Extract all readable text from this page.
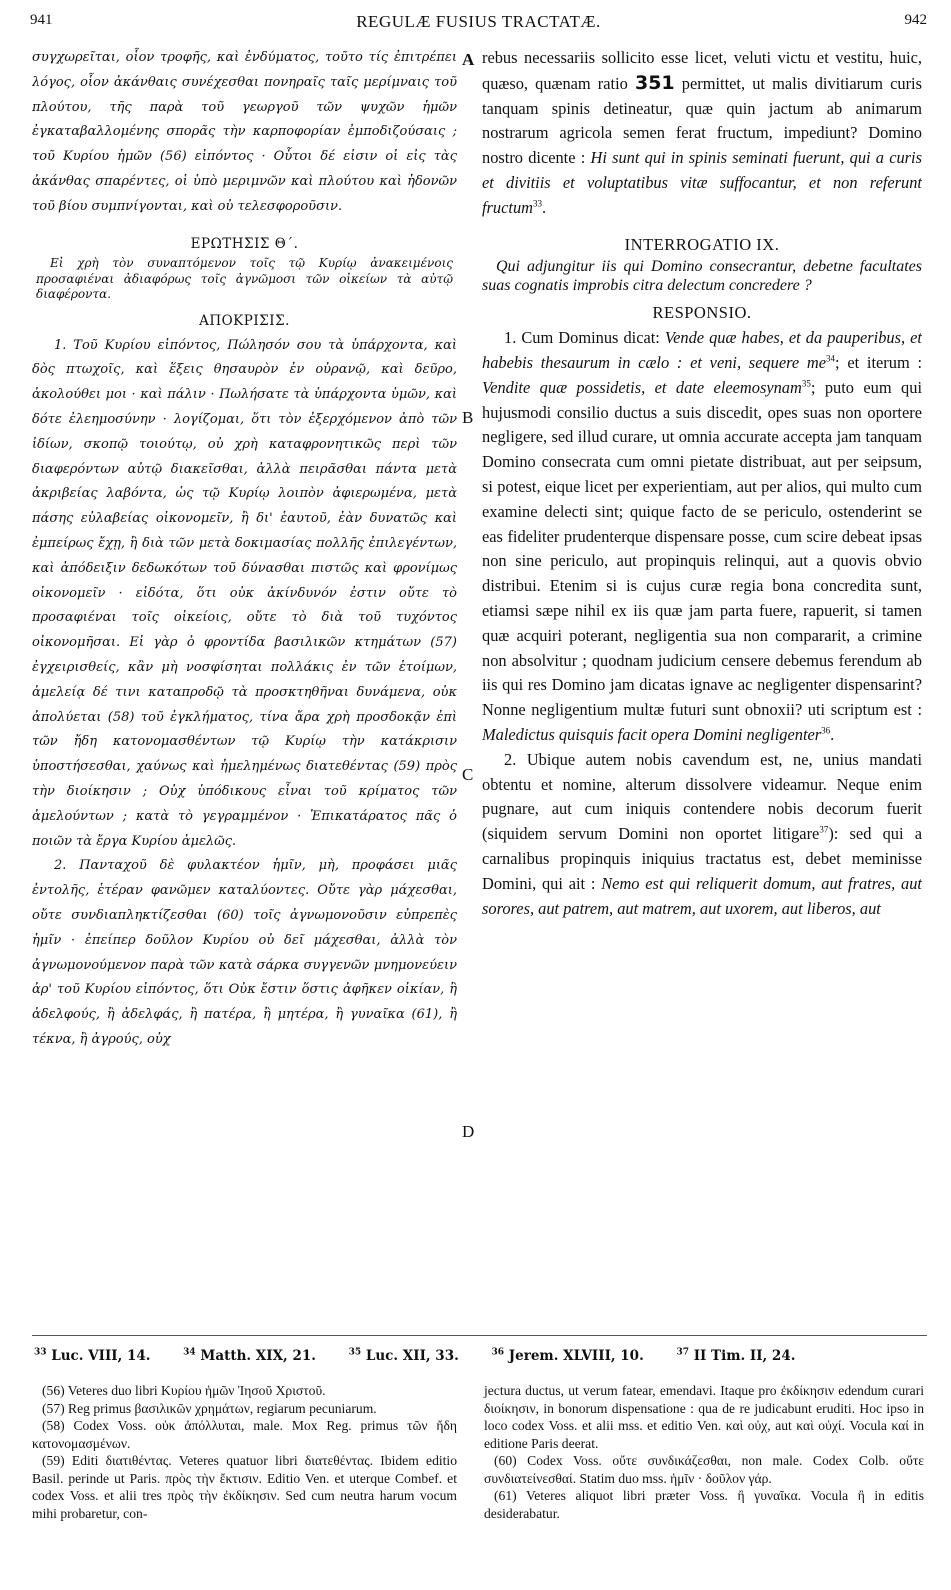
941	REGULÆ FUSIUS TRACTATÆ.	942

συγχωρεῖται, οἷον τροφῆς, καὶ ἐνδύματος, τοῦτο τίς ἐπιτρέπει λόγος, οἷον ἀκάνθαις συνέχεσθαι πονηραῖς ταῖς μερίμναις τοῦ πλούτου, τῆς παρὰ τοῦ γεωργοῦ τῶν ψυχῶν ἡμῶν ἐγκαταβαλλομένης σπορᾶς τὴν καρποφορίαν ἐμποδιζούσαις ; τοῦ Κυρίου ἡμῶν (56) εἰπόντος · Οὗτοι δέ εἰσιν οἱ εἰς τὰς ἀκάνθας σπαρέντες, οἱ ὑπὸ μεριμνῶν καὶ πλούτου καὶ ἡδονῶν τοῦ βίου συμπνίγονται, καὶ οὐ τελεσφοροῦσιν.

ΕΡΩΤΗΣΙΣ Θ΄.

Εἰ χρὴ τὸν συναπτόμενον τοῖς τῷ Κυρίῳ ἀνακειμένοις προσαφιέναι ἀδιαφόρως τοῖς ἀγνῶμοσι τῶν οἰκείων τὰ αὐτῷ διαφέροντα.

ΑΠΟΚΡΙΣΙΣ.

1. Τοῦ Κυρίου εἰπόντος, Πώλησόν σου τὰ ὑπάρχοντα, καὶ δὸς πτωχοῖς, καὶ ἕξεις θησαυρὸν ἐν οὐρανῷ, καὶ δεῦρο, ἀκολούθει μοι · καὶ πάλιν · Πωλήσατε τὰ ὑπάρχοντα ὑμῶν, καὶ δότε ἐλεημοσύνην · λογίζομαι, ὅτι τὸν ἐξερχόμενον ἀπὸ τῶν ἰδίων, σκοπῷ τοιούτῳ, οὐ χρὴ καταφρονητικῶς περὶ τῶν διαφερόντων αὐτῷ διακεῖσθαι, ἀλλὰ πειρᾶσθαι πάντα μετὰ ἀκριβείας λαβόντα, ὡς τῷ Κυρίῳ λοιπὸν ἀφιερωμένα, μετὰ πάσης εὐλαβείας οἰκονομεῖν, ἢ δι' ἑαυτοῦ, ἐὰν δυνατῶς καὶ ἐμπείρως ἔχῃ, ἢ διὰ τῶν μετὰ δοκιμασίας πολλῆς ἐπιλεγέντων, καὶ ἀπόδειξιν δεδωκότων τοῦ δύνασθαι πιστῶς καὶ φρονίμως οἰκονομεῖν · εἰδότα, ὅτι οὐκ ἀκίνδυνόν ἐστιν οὔτε τὸ προσαφιέναι τοῖς οἰκείοις, οὔτε τὸ διὰ τοῦ τυχόντος οἰκονομῆσαι. Εἰ γὰρ ὁ φροντίδα βασιλικῶν κτημάτων (57) ἐγχειρισθείς, κἂν μὴ νοσφίσηται πολλάκις ἐν τῶν ἑτοίμων, ἀμελείᾳ δέ τινι καταπροδῷ τὰ προσκτηθῆναι δυνάμενα, οὐκ ἀπολύεται (58) τοῦ ἐγκλήματος, τίνα ἄρα χρὴ προσδοκᾷν ἐπὶ τῶν ἤδη κατονομασθέντων τῷ Κυρίῳ τὴν κατάκρισιν ὑποστήσεσθαι, χαύνως καὶ ἠμελημένως διατεθέντας (59) πρὸς τὴν διοίκησιν ; Οὐχ ὑπόδικους εἶναι τοῦ κρίματος τῶν ἀμελούντων ; κατὰ τὸ γεγραμμένον · Ἐπικατάρατος πᾶς ὁ ποιῶν τὰ ἔργα Κυρίου ἀμελῶς.

2. Πανταχοῦ δὲ φυλακτέον ἡμῖν, μὴ, προφάσει μιᾶς ἐντολῆς, ἑτέραν φανῶμεν καταλύοντες. Οὔτε γὰρ μάχεσθαι, οὔτε συνδιαπληκτίζεσθαι (60) τοῖς ἀγνωμονοῦσιν εὐπρεπὲς ἡμῖν · ἐπείπερ δοῦλον Κυρίου οὐ δεῖ μάχεσθαι, ἀλλὰ τὸν ἀγνωμονούμενον παρὰ τῶν κατὰ σάρκα συγγενῶν μνημονεύειν ἀρ' τοῦ Κυρίου εἰπόντος, ὅτι Οὐκ ἔστιν ὅστις ἀφῆκεν οἰκίαν, ἢ ἀδελφούς, ἢ ἀδελφάς, ἢ πατέρα, ἢ μητέρα, ἢ γυναῖκα (61), ἢ τέκνα, ἢ ἀγρούς, οὐχ

A
B
C
D

rebus necessariis sollicito esse licet, veluti victu et vestitu, huic, quæso, quænam ratio 351 permittet, ut malis divitiarum curis tanquam spinis detineatur, quæ quin jactum ab animarum nostrarum agricola semen ferat fructum, impediunt? Domino nostro dicente : Hi sunt qui in spinis seminati fuerunt, qui a curis et divitiis et voluptatibus vitæ suffocantur, et non referunt fructum$^{33}$.

INTERROGATIO IX.

Qui adjungitur iis qui Domino consecrantur, debetne facultates suas cognatis improbis citra delectum concredere ?

RESPONSIO.

1. Cum Dominus dicat: Vende quæ habes, et da pauperibus, et habebis thesaurum in cælo : et veni, sequere $me^{34}$; et iterum : Vendite quæ possidetis, et date eleemosynam$^{35}$; puto eum qui hujusmodi consilio ductus a suis discedit, opes suas non oportere negligere, sed illud curare, ut omnia accurate accepta jam tanquam Domino consecrata cum omni pietate distribuat, aut per seipsum, si potest, eique licet per experientiam, aut per alios, qui multo cum examine delecti sint; quique facto de se periculo, ostenderint se eas fideliter prudenterque dispensare posse, cum scire debeat ipsas non sine periculo, aut propinquis relinqui, aut a quovis obvio distribui. Etenim si is cujus curæ regia bona concredita sunt, etiamsi sæpe nihil ex iis quæ jam parta fuere, rapuerit, si tamen quæ acquiri poterant, negligentia sua non compararit, a crimine non absolvitur ; quodnam judicium censere debemus ferendum ab iis qui res Domino jam dicatas ignave ac negligenter dispensarint? Nonne negligentium multæ futuri sunt obnoxii? uti scriptum est : Maledictus quisquis facit opera Domini negligenter$^{36}$.

2. Ubique autem nobis cavendum est, ne, unius mandati obtentu et nomine, alterum dissolvere videamur. Neque enim pugnare, aut cum iniquis contendere nobis decorum fuerit (siquidem servum Domini non oportet litigare$^{37}$): sed qui a carnalibus propinquis iniquius tractatus est, debet meminisse Domini, qui ait : Nemo est qui reliquerit domum, aut fratres, aut sorores, aut patrem, aut matrem, aut uxorem, aut liberos, aut

$^{33}$ Luc. VIII, 14.	$^{34}$ Matth. XIX, 21.	$^{35}$ Luc. XII, 33.	$^{36}$ Jerem. XLVIII, 10.	$^{37}$ II Tim. II, 24.

(56) Veteres duo libri Κυρίου ἡμῶν Ἰησοῦ Χριστοῦ.

(57) Reg primus βασιλικῶν χρημάτων, regiarum pecuniarum.

(58) Codex Voss. οὐκ ἀπόλλυται, male. Mox Reg. primus τῶν ἤδη κατονομασμένων.

(59) Editi διατιθέντας. Veteres quatuor libri διατεθέντας. Ibidem editio Basil. perinde ut Paris. πρὸς τὴν ἔκτισιν. Editio Ven. et uterque Combef. et codex Voss. et alii tres πρὸς τὴν ἐκδίκησιν. Sed cum neutra harum vocum mihi probaretur, con-

jectura ductus, ut verum fatear, emendavi. Itaque pro ἐκδίκησιν edendum curari διοίκησιν, in bonorum dispensatione : qua de re judicabunt eruditi. Hoc ipso in loco codex Voss. et alii mss. et editio Ven. καὶ οὐχ, aut καὶ οὐχί. Vocula καί in editione Paris deerat.

(60) Codex Voss. οὔτε συνδικάζεσθαι, non male. Codex Colb. οὔτε συνδιατείνεσθαί. Statim duo mss. ἡμῖν · δοῦλον γάρ.

(61) Veteres aliquot libri præter Voss. ἢ γυναῖκα. Vocula ἢ in editis desiderabatur.
